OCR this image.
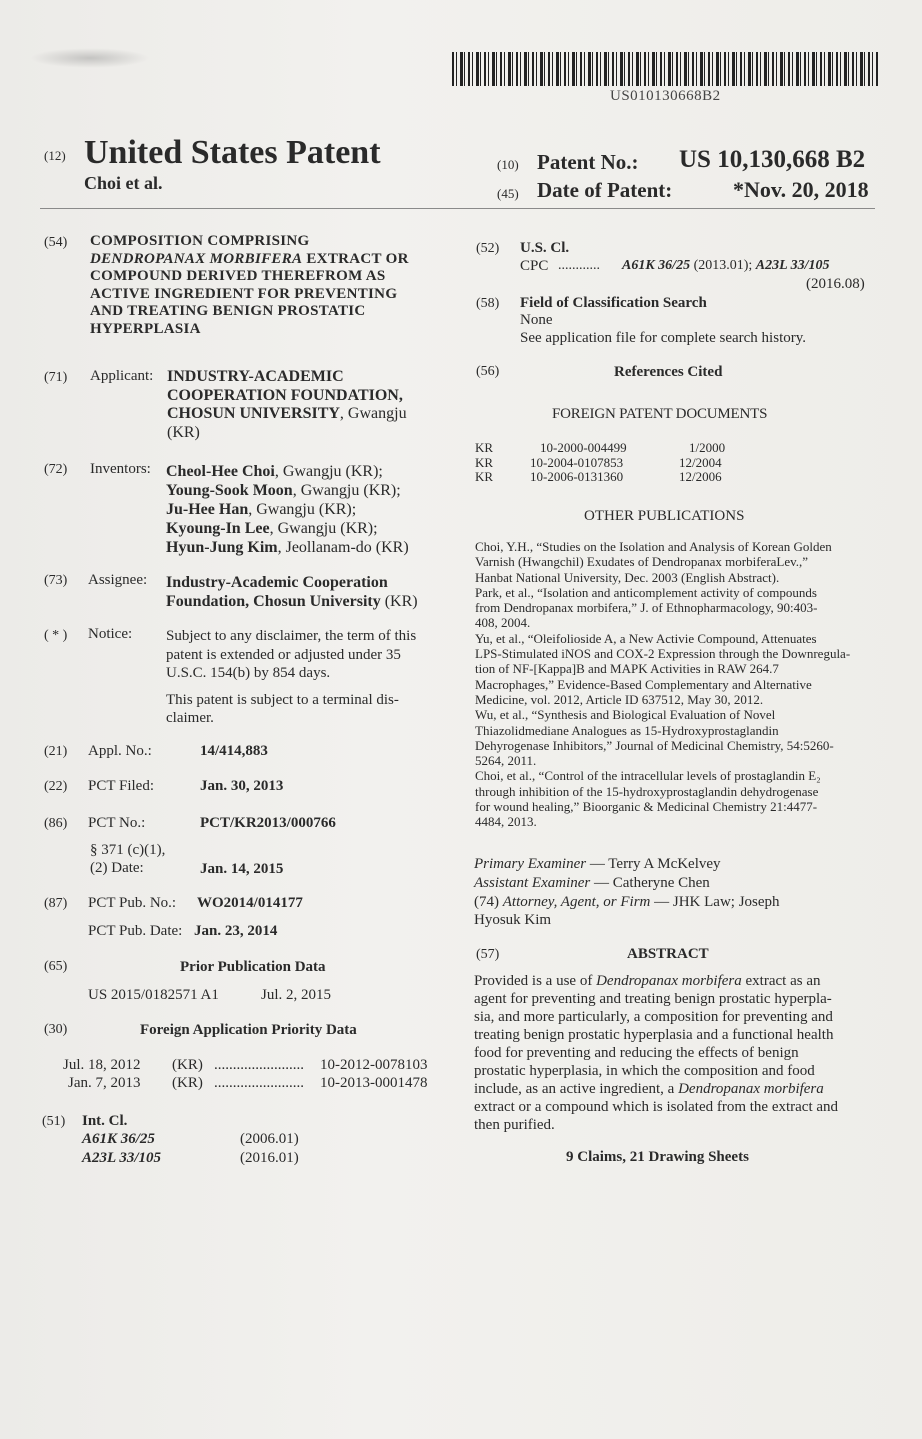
US010130668B2
(12) United States Patent
Choi et al.
(10) Patent No.: US 10,130,668 B2
(45) Date of Patent:	*Nov. 20, 2018
(54) COMPOSITION COMPRISING
DENDROPANAX MORBIFERA EXTRACT OR
COMPOUND DERIVED THEREFROM AS
ACTIVE INGREDIENT FOR PREVENTING
AND TREATING BENIGN PROSTATIC
HYPERPLASIA
(71) Applicant: INDUSTRY-ACADEMIC
COOPERATION FOUNDATION,
CHOSUN UNIVERSITY, Gwangju
(KR)
(72) Inventors: Cheol-Hee Choi, Gwangju (KR);
Young-Sook Moon, Gwangju (KR);
Ju-Hee Han, Gwangju (KR);
Kyoung-In Lee, Gwangju (KR);
Hyun-Jung Kim, Jeollanam-do (KR)
(73) Assignee: Industry-Academic Cooperation
Foundation, Chosun University (KR)
( * ) Notice: Subject to any disclaimer, the term of this
patent is extended or adjusted under 35
U.S.C. 154(b) by 854 days.
This patent is subject to a terminal dis-
claimer.
(21) Appl. No.:	14/414,883
(22) PCT Filed:	Jan. 30, 2013
(86) PCT No.:	PCT/KR2013/000766
§ 371 (c)(1),
(2) Date:	Jan. 14, 2015
(87) PCT Pub. No.: WO2014/014177
PCT Pub. Date: Jan. 23, 2014
(65)	Prior Publication Data
US 2015/0182571 A1	Jul. 2, 2015
(30)	Foreign Application Priority Data
Jul. 18, 2012 (KR) ........................ 10-2012-0078103
Jan. 7, 2013 (KR) ........................ 10-2013-0001478
(51) Int. Cl.
A61K 36/25	(2006.01)
A23L 33/105	(2016.01)
(52) U.S. Cl.
CPC ............ A61K 36/25 (2013.01); A23L 33/105
(2016.08)
(58) Field of Classification Search
None
See application file for complete search history.
(56)	References Cited
FOREIGN PATENT DOCUMENTS
KR	10-2000-004499	1/2000
KR	10-2004-0107853	12/2004
KR	10-2006-0131360	12/2006
OTHER PUBLICATIONS
Choi, Y.H., “Studies on the Isolation and Analysis of Korean Golden
Varnish (Hwangchil) Exudates of Dendropanax morbiferaLev.,”
Hanbat National University, Dec. 2003 (English Abstract).
Park, et al., “Isolation and anticomplement activity of compounds
from Dendropanax morbifera,” J. of Ethnopharmacology, 90:403-
408, 2004.
Yu, et al., “Oleifolioside A, a New Activie Compound, Attenuates
LPS-Stimulated iNOS and COX-2 Expression through the Downregula-
tion of NF-[Kappa]B and MAPK Activities in RAW 264.7
Macrophages,” Evidence-Based Complementary and Alternative
Medicine, vol. 2012, Article ID 637512, May 30, 2012.
Wu, et al., “Synthesis and Biological Evaluation of Novel
Thiazolidmediane Analogues as 15-Hydroxyprostaglandin
Dehyrogenase Inhibitors,” Journal of Medicinal Chemistry, 54:5260-
5264, 2011.
Choi, et al., “Control of the intracellular levels of prostaglandin E₂
through inhibition of the 15-hydroxyprostaglandin dehydrogenase
for wound healing,” Bioorganic & Medicinal Chemistry 21:4477-
4484, 2013.
Primary Examiner — Terry A McKelvey
Assistant Examiner — Catheryne Chen
(74) Attorney, Agent, or Firm — JHK Law; Joseph
Hyosuk Kim
(57)	ABSTRACT
Provided is a use of Dendropanax morbifera extract as an
agent for preventing and treating benign prostatic hyperpla-
sia, and more particularly, a composition for preventing and
treating benign prostatic hyperplasia and a functional health
food for preventing and reducing the effects of benign
prostatic hyperplasia, in which the composition and food
include, as an active ingredient, a Dendropanax morbifera
extract or a compound which is isolated from the extract and
then purified.
9 Claims, 21 Drawing Sheets
